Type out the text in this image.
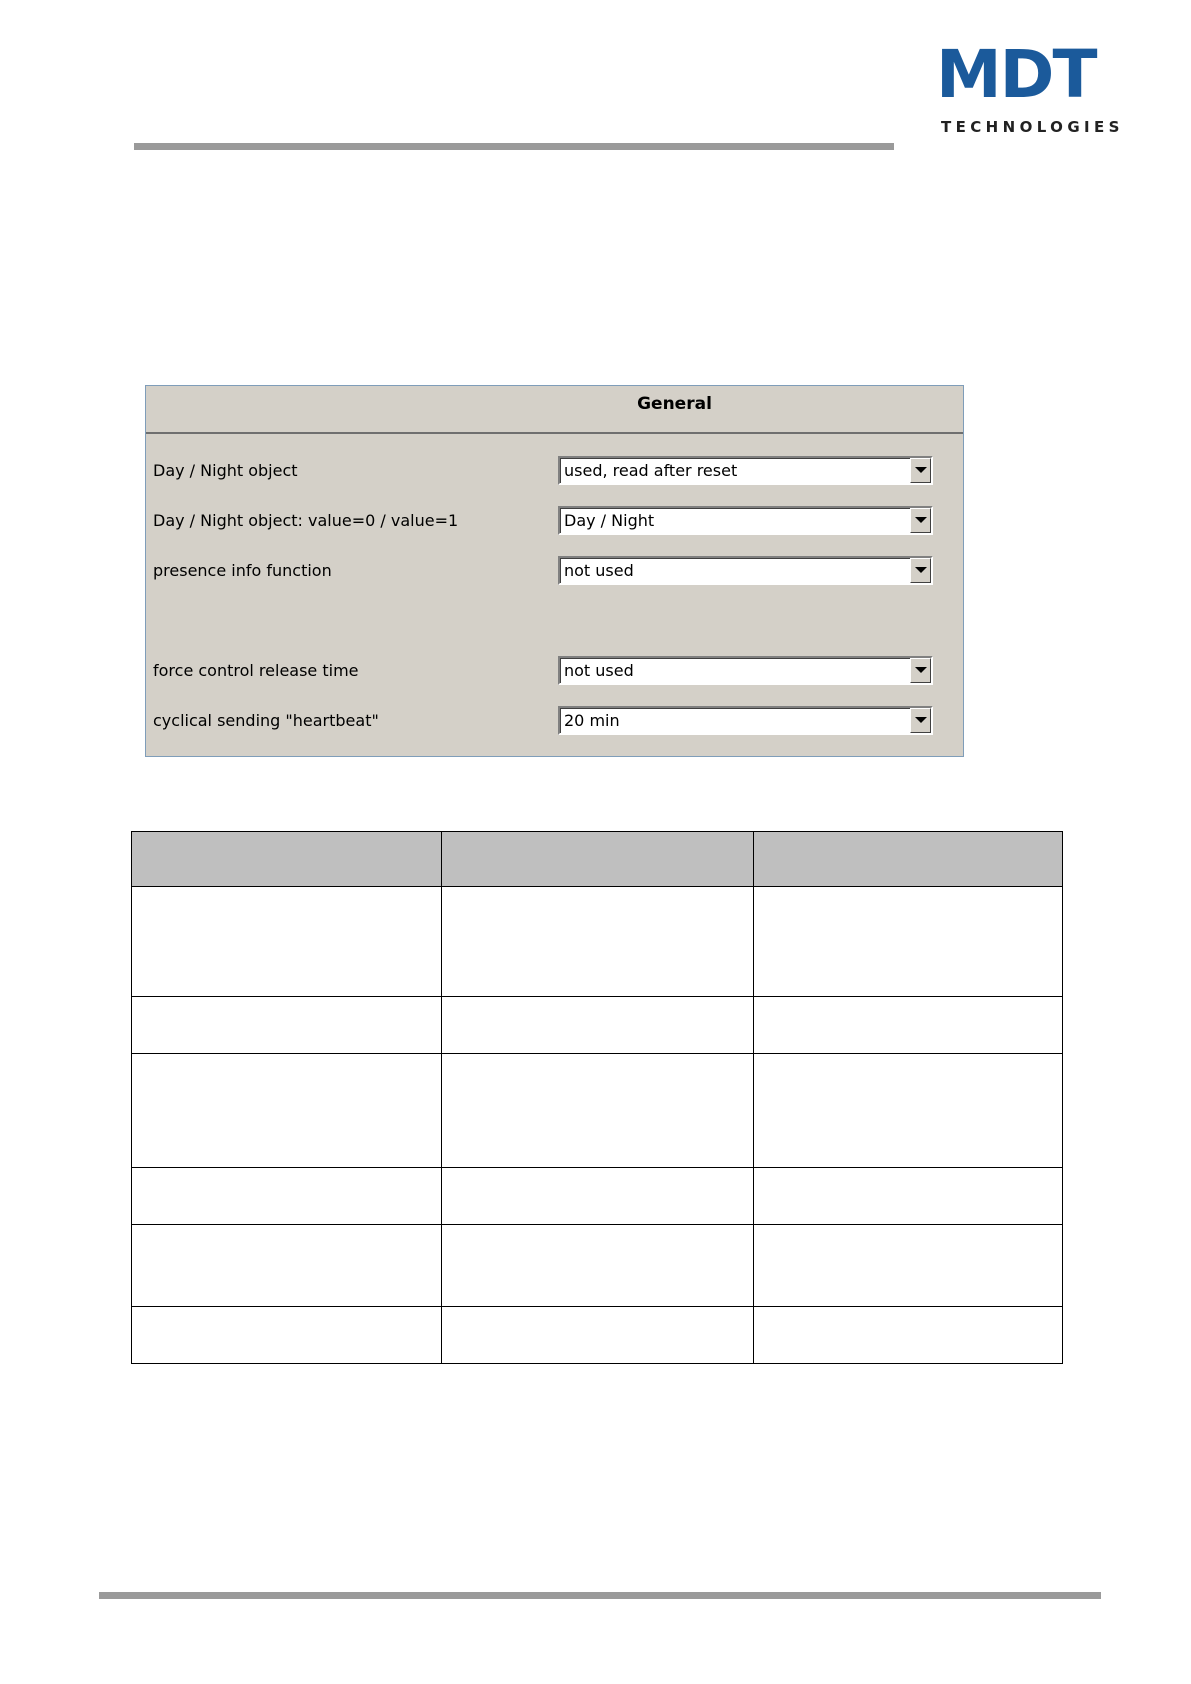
MDT
TECHNOLOGIES
General
Day / Night object	used, read after reset
Day / Night object: value=0 / value=1	Day / Night
presence info function	not used
force control release time	not used
cyclical sending "heartbeat"	20 min
